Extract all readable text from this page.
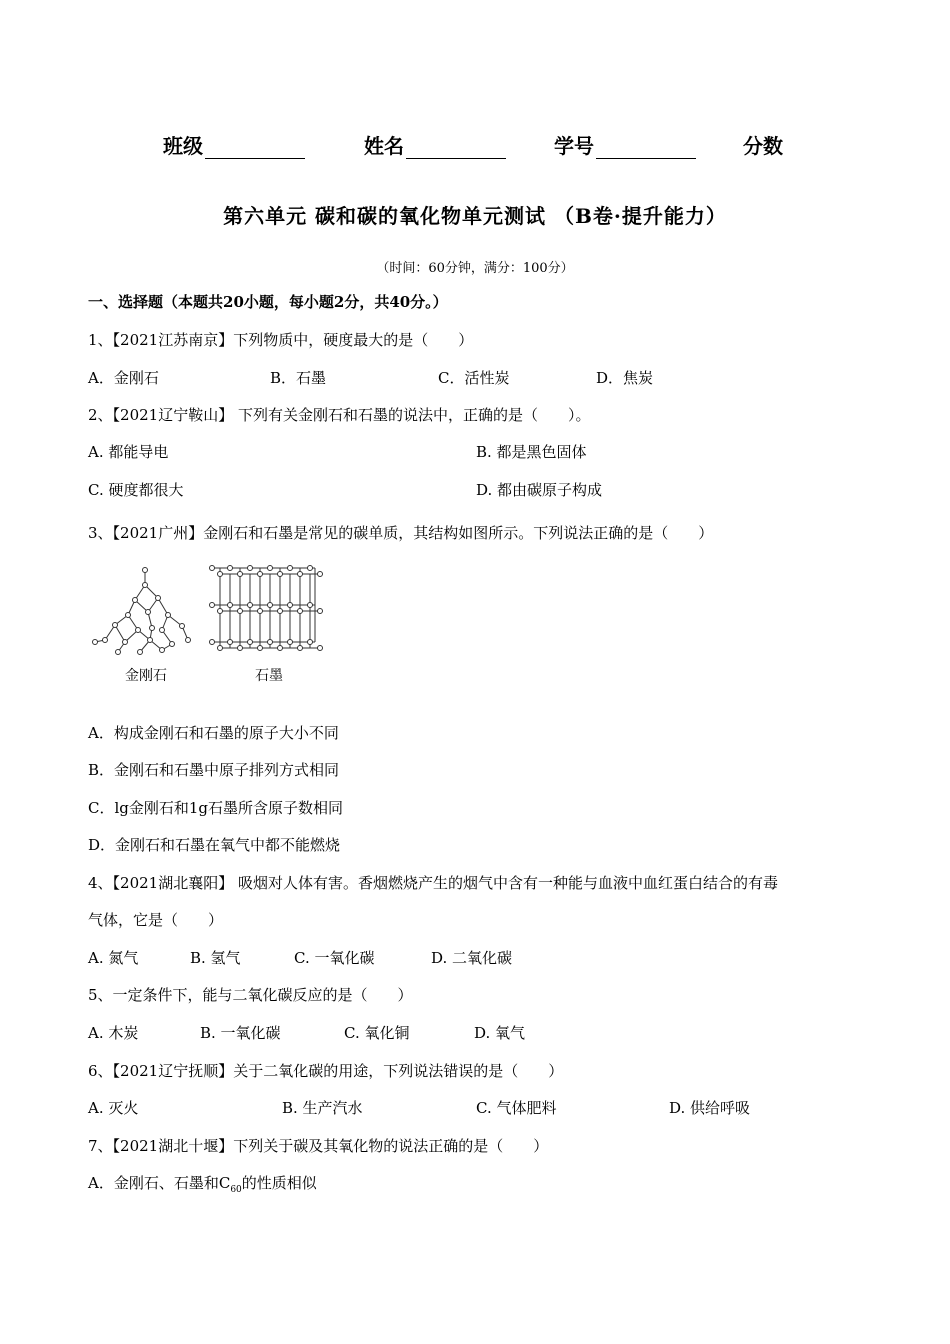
班级	姓名	学号	分数
第六单元 碳和碳的氧化物单元测试 （B卷·提升能力）
（时间：60分钟，满分：100分）
一、选择题（本题共20小题，每小题2分，共40分。）
1、【2021江苏南京】下列物质中，硬度最大的是（　　）
A．金刚石	B．石墨	C．活性炭	D．焦炭
2、【2021辽宁鞍山】 下列有关金刚石和石墨的说法中，正确的是（　　）。
A. 都能导电	B. 都是黑色固体
C. 硬度都很大	D. 都由碳原子构成
3、【2021广州】金刚石和石墨是常见的碳单质，其结构如图所示。下列说法正确的是（　　）
金刚石	石墨
A．构成金刚石和石墨的原子大小不同
B．金刚石和石墨中原子排列方式相同
C．lg金刚石和1g石墨所含原子数相同
D．金刚石和石墨在氧气中都不能燃烧
4、【2021湖北襄阳】 吸烟对人体有害。香烟燃烧产生的烟气中含有一种能与血液中血红蛋白结合的有毒
气体，它是（　　）
A. 氮气	B. 氢气	C. 一氧化碳	D. 二氧化碳
5、一定条件下，能与二氧化碳反应的是（　　）
A. 木炭	B. 一氧化碳	C. 氧化铜	D. 氧气
6、【2021辽宁抚顺】关于二氧化碳的用途，下列说法错误的是（　　）
A. 灭火	B. 生产汽水	C. 气体肥料	D. 供给呼吸
7、【2021湖北十堰】下列关于碳及其氧化物的说法正确的是（　　）
A．金刚石、石墨和$C_{60}$的性质相似
